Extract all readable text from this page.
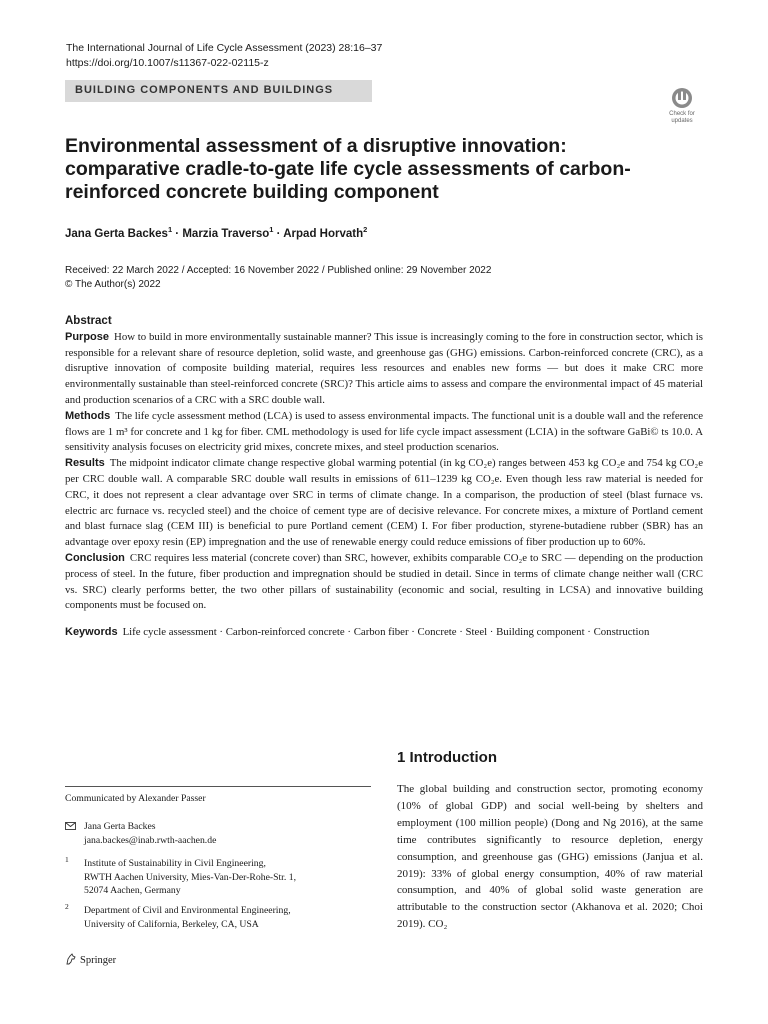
The International Journal of Life Cycle Assessment (2023) 28:16–37
https://doi.org/10.1007/s11367-022-02115-z
BUILDING COMPONENTS AND BUILDINGS
Check for
updates
Environmental assessment of a disruptive innovation: comparative cradle-to-gate life cycle assessments of carbon-reinforced concrete building component
Jana Gerta Backes$^1$ · Marzia Traverso$^1$ · Arpad Horvath$^2$
Received: 22 March 2022 / Accepted: 16 November 2022 / Published online: 29 November 2022
© The Author(s) 2022
Abstract

Purpose How to build in more environmentally sustainable manner? This issue is increasingly coming to the fore in construction sector, which is responsible for a relevant share of resource depletion, solid waste, and greenhouse gas (GHG) emissions. Carbon-reinforced concrete (CRC), as a disruptive innovation of composite building material, requires less resources and enables new forms — but does it make CRC more environmentally sustainable than steel-reinforced concrete (SRC)? This article aims to assess and compare the environmental impact of 45 material and production scenarios of a CRC with a SRC double wall.

Methods The life cycle assessment method (LCA) is used to assess environmental impacts. The functional unit is a double wall and the reference flows are 1 m³ for concrete and 1 kg for fiber. CML methodology is used for life cycle impact assessment (LCIA) in the software GaBi© ts 10.0. A sensitivity analysis focuses on electricity grid mixes, concrete mixes, and steel production scenarios.

Results The midpoint indicator climate change respective global warming potential (in kg CO₂e) ranges between 453 kg CO₂e and 754 kg CO₂e per CRC double wall. A comparable SRC double wall results in emissions of 611–1239 kg CO₂e. Even though less raw material is needed for CRC, it does not represent a clear advantage over SRC in terms of climate change. In a comparison, the production of steel (blast furnace vs. electric arc furnace vs. recycled steel) and the choice of cement type are of decisive relevance. For concrete mixes, a mixture of Portland cement and blast furnace slag (CEM III) is beneficial to pure Portland cement (CEM) I. For fiber production, styrene-butadiene rubber (SBR) has an advantage over epoxy resin (EP) impregnation and the use of renewable energy could reduce emissions of fiber production up to 60%.

Conclusion CRC requires less material (concrete cover) than SRC, however, exhibits comparable CO₂e to SRC — depending on the production process of steel. In the future, fiber production and impregnation should be studied in detail. Since in terms of climate change neither wall (CRC vs. SRC) clearly performs better, the two other pillars of sustainability (economic and social, resulting in LCSA) and innovative building components must be focused on.

Keywords Life cycle assessment · Carbon-reinforced concrete · Carbon fiber · Concrete · Steel · Building component · Construction

1 Introduction
The global building and construction sector, promoting economy (10% of global GDP) and social well-being by shelters and employment (100 million people) (Dong and Ng 2016), at the same time contributes significantly to resource depletion, energy consumption, and greenhouse gas (GHG) emissions (Janjua et al. 2019): 33% of global energy consumption, 40% of raw material consumption, and 40% of global solid waste generation are attributable to the construction sector (Akhanova et al. 2020; Choi 2019). CO₂
Communicated by Alexander Passer
Jana Gerta Backes
jana.backes@inab.rwth-aachen.de
1 Institute of Sustainability in Civil Engineering,
RWTH Aachen University, Mies-Van-Der-Rohe-Str. 1,
52074 Aachen, Germany
2 Department of Civil and Environmental Engineering,
University of California, Berkeley, CA, USA
Springer
